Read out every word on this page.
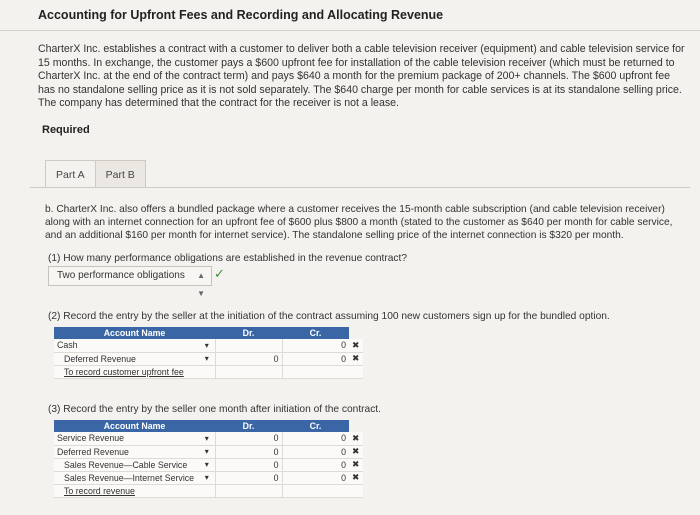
Accounting for Upfront Fees and Recording and Allocating Revenue

CharterX Inc. establishes a contract with a customer to deliver both a cable television receiver (equipment) and cable television service for 15 months. In exchange, the customer pays a $600 upfront fee for installation of the cable television receiver (which must be returned to CharterX Inc. at the end of the contract term) and pays $640 a month for the premium package of 200+ channels. The $600 upfront fee has no standalone selling price as it is not sold separately. The $640 charge per month for cable services is at its standalone selling price. The company has determined that the contract for the receiver is not a lease.

Required
Part A	Part B

b. CharterX Inc. also offers a bundled package where a customer receives the 15-month cable subscription (and cable television receiver) along with an internet connection for an upfront fee of $600 plus $800 a month (stated to the customer as $640 per month for cable service, and an additional $160 per month for internet service). The standalone selling price of the internet connection is $320 per month.

(1) How many performance obligations are established in the revenue contract?
Two performance obligations ▲
▼
✓
(2) Record the entry by the seller at the initiation of the contract assuming 100 new customers sign up for the bundled option.
Account Name		Dr.	Cr.	
Cash	▾		0	✖
Deferred Revenue	▾	0	0	✖
To record customer upfront fee				
(3) Record the entry by the seller one month after initiation of the contract.
Account Name		Dr.	Cr.	
Service Revenue	▾	0	0	✖
Deferred Revenue	▾	0	0	✖
Sales Revenue—Cable Service	▾	0	0	✖
Sales Revenue—Internet Service	▾	0	0	✖
To record revenue				
